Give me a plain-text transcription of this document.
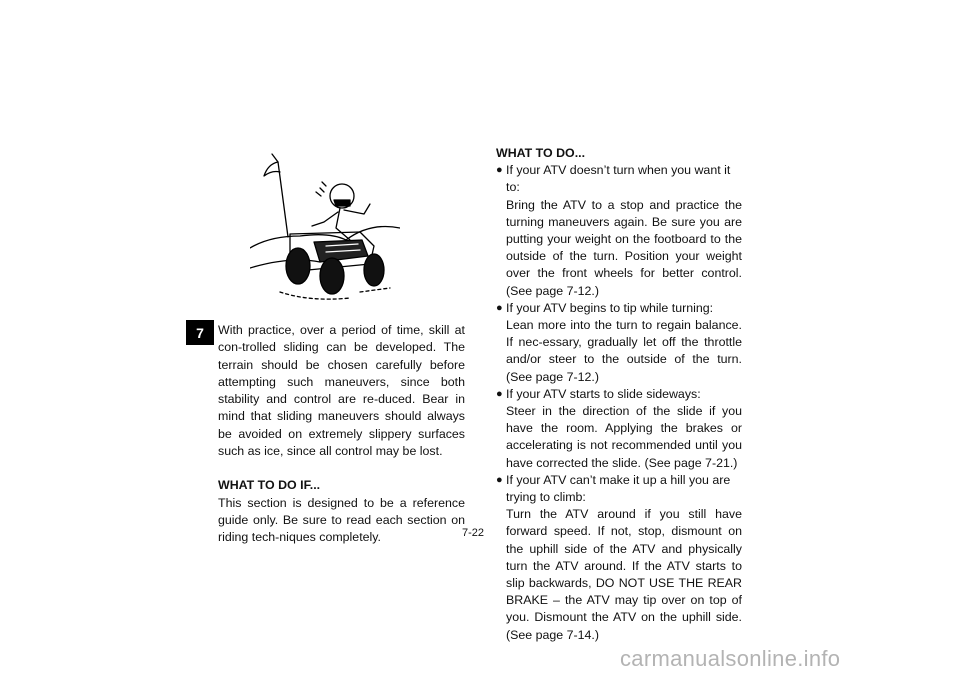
7	With practice, over a period of time, skill at con-trolled sliding can be developed. The terrain should be chosen carefully before attempting such maneuvers, since both stability and control are re-duced. Bear in mind that sliding maneuvers should always be avoided on extremely slippery surfaces such as ice, since all control may be lost.

WHAT TO DO IF...

This section is designed to be a reference guide only. Be sure to read each section on riding tech-niques completely.

WHAT TO DO...

● If your ATV doesn’t turn when you want it to:

Bring the ATV to a stop and practice the turning maneuvers again. Be sure you are putting your weight on the footboard to the outside of the turn. Position your weight over the front wheels for better control. (See page 7-12.)

● If your ATV begins to tip while turning:

Lean more into the turn to regain balance. If nec-essary, gradually let off the throttle and/or steer to the outside of the turn. (See page 7-12.)

● If your ATV starts to slide sideways:

Steer in the direction of the slide if you have the room. Applying the brakes or accelerating is not recommended until you have corrected the slide. (See page 7-21.)

● If your ATV can’t make it up a hill you are trying to climb:

Turn the ATV around if you still have forward speed. If not, stop, dismount on the uphill side of the ATV and physically turn the ATV around. If the ATV starts to slip backwards, DO NOT USE THE REAR BRAKE – the ATV may tip over on top of you. Dismount the ATV on the uphill side. (See page 7-14.)

7-22
carmanualsonline.info
